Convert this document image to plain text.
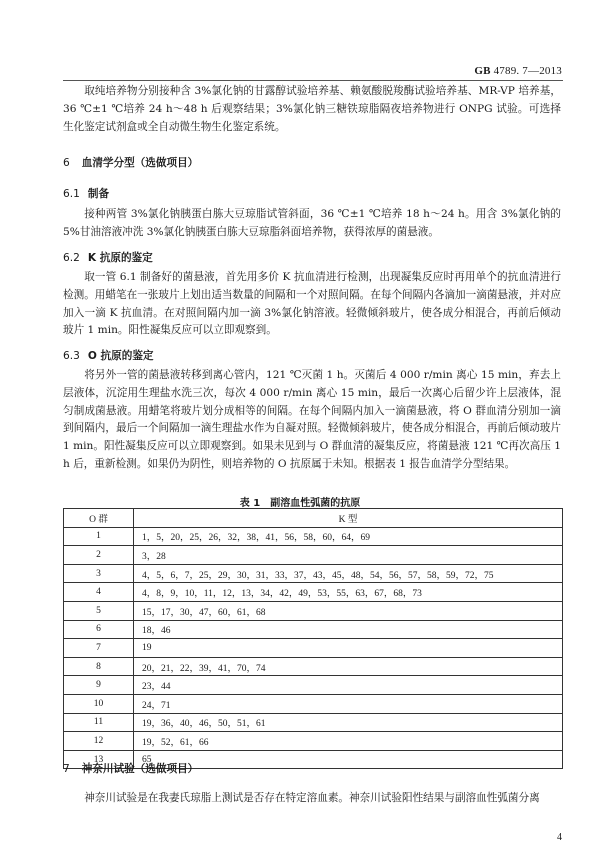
GB 4789. 7—2013

取纯培养物分别接种含 3%氯化钠的甘露醇试验培养基、赖氨酸脱羧酶试验培养基、MR-VP 培养基，36 ℃±1 ℃培养 24 h～48 h 后观察结果；3%氯化钠三糖铁琼脂隔夜培养物进行 ONPG 试验。可选择生化鉴定试剂盒或全自动微生物生化鉴定系统。

6 血清学分型（选做项目）
6.1 制备

接种两管 3%氯化钠胰蛋白胨大豆琼脂试管斜面，36 ℃±1 ℃培养 18 h～24 h。用含 3%氯化钠的 5%甘油溶液冲洗 3%氯化钠胰蛋白胨大豆琼脂斜面培养物，获得浓厚的菌悬液。

6.2 K 抗原的鉴定

取一管 6.1 制备好的菌悬液，首先用多价 K 抗血清进行检测，出现凝集反应时再用单个的抗血清进行检测。用蜡笔在一张玻片上划出适当数量的间隔和一个对照间隔。在每个间隔内各滴加一滴菌悬液，并对应加入一滴 K 抗血清。在对照间隔内加一滴 3%氯化钠溶液。轻微倾斜玻片，使各成分相混合，再前后倾动玻片 1 min。阳性凝集反应可以立即观察到。

6.3 O 抗原的鉴定

将另外一管的菌悬液转移到离心管内，121 ℃灭菌 1 h。灭菌后 4 000 r/min 离心 15 min，弃去上层液体，沉淀用生理盐水洗三次，每次 4 000 r/min 离心 15 min，最后一次离心后留少许上层液体，混匀制成菌悬液。用蜡笔将玻片划分成相等的间隔。在每个间隔内加入一滴菌悬液，将 O 群血清分别加一滴到间隔内，最后一个间隔加一滴生理盐水作为自凝对照。轻微倾斜玻片，使各成分相混合，再前后倾动玻片 1 min。阳性凝集反应可以立即观察到。如果未见到与 O 群血清的凝集反应，将菌悬液 121 ℃再次高压 1 h 后，重新检测。如果仍为阴性，则培养物的 O 抗原属于未知。根据表 1 报告血清学分型结果。

表 1　副溶血性弧菌的抗原
O 群	K 型
1	1，5，20，25，26，32，38，41，56，58，60，64，69
2	3，28
3	4，5，6，7，25，29，30，31，33，37，43，45，48，54，56，57，58，59，72，75
4	4，8，9，10，11，12，13，34，42，49，53，55，63，67，68，73
5	15，17，30，47，60，61，68
6	18，46
7	19
8	20，21，22，39，41，70，74
9	23，44
10	24，71
11	19，36，40，46，50，51，61
12	19，52，61，66
13	65
7 神奈川试验（选做项目）

神奈川试验是在我妻氏琼脂上测试是否存在特定溶血素。神奈川试验阳性结果与副溶血性弧菌分离

4
